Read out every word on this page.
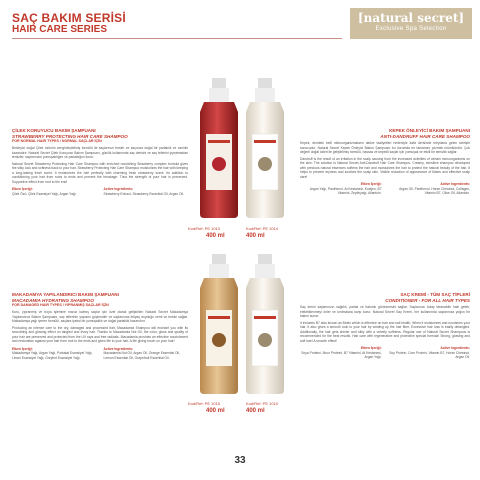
SAÇ BAKIM SERİSİ
HAIR CARE SERIES
[natural secret]
Exclusive Spa Selection
ÇİLEK KORUYUCU BAKIM ŞAMPUANI
STRAWBERRY PROTECTING HAIR CARE SHAMPOO
FOR NORMAL HAIR TYPES / NORMAL SAÇLAR İÇİN
Besleyici doğal Çilek özünün zenginleştirilmiş formülü ile saçlarınızı besler ve saçınıza doğal bir parlaklık ve canlılık kazandırır. Natural Secret Çilek Koruyucu Bakım Şampuanı, günlük kullanımda saç derisini ve saç tellerini yıpratmadan temizler, saçlarınızın yumuşaklığını ve parlaklığını korur.
Natural Secret Strawberry Protecting Hair Care Shampoo with enriched nourishing Strawberry complex formula gives the silky look and softness back to your hair. Strawberry Protecting Hair Care Shampoo moisturizes the hair with keeping a long-lasting fresh scent. It moisturizes the hair perfectly with charming fresh strawberry scent. Its addition to conditioning your hair from roots to ends and prevent the breakage. Thus the strength of your hair is preserved. Supportive effect from root to the end!
Etken İçeriği:
Çilek Özü, Çilek Esansiyel Yağı, Argan Yağı
Active Ingredients:
Strawberry Extract, Strawberry Essential Oil, Argan Oil.
KEPEK ÖNLEYİCİ BAKIM ŞAMPUANI
ANTI-DANDRUFF HAIR CARE SHAMPOO
Kepek, derideki belli mikroorganizmaların aktive faaliyetleri nedeniyle kafa derisinde meydana gelen tahriştir sonucudur. Natural Secret Kepek Önleyici Bakım Şampuanı bu durumda en tamamını çözmek mümkündür. Çok değerli doğal özleri ile geliştirilmiş formülü, hassas ve kepekli saçlar için yumuşak ve etkili bir temizlik sağlar.
Dandruff is the result of an irritation in the scalp causing from the increased activities of certain microorganisms on the skin. The solution is Natural Secret Anti-Dandruff Hair Care Shampoo. Creamy, sensitive shampoo developed with precious natural essences softens the hair and moisturizes the hair to protect the natural beauty of the hair. It helps to prevent dryness and soothes the scalp skin. Visible reduction of appearance of flakes and effective scalp care!
Etken İçeriği:
Argan Yağı, Panthenol, At Kestanesi, Kolajen, B7 Vitamini, Zeytinyağı, Allantoin.
Active Ingredients:
Argan Oil, Panthenol, Horse Chestnut, Collagen, Vitamin B7, Olive Oil, Allantoin.
MAKADAMYA YAPILANDIRICI BAKIM ŞAMPUANI
MACADAMIA HYDRATING SHAMPOO
FOR DAMAGED HAIR TYPES / YIPRANMIŞ SAÇLAR İÇİN
Kuru, yıpranmış ve boya işlemine maruz kalmış saçlar için özel olarak geliştirilen Natural Secret Makadamya Yapılandırıcı Bakım Şampuanı, saç tellerinin yapısını güçlendirir ve saçlarınıza ihtiyaç duyduğu nemi ve besini sağlar. Makadamya yağı içeren formülü, saçlara ipeksi bir yumuşaklık ve doğal parlaklık kazandırır.
Producing an intense care to the dry, damaged and processed hair, Macadamia Shampoo will enchant you with its smoothing and glowing effect on tangled and frizzy hair. Thanks to Macadamia Nut Oil, the color, gloss and quality of your hair are preserved and protected from the UV rays and free radicals. Macadamia provides an effective nourishment and restoration against your hair from root to the ends and gives life to your hair. A life giving touch on your hair!
Etken İçeriği:
Makadamya Yağı, Argan Yağı, Portakal Esansiyel Yağı, Limon Esansiyel Yağı, Greyfurt Esansiyel Yağı.
Active Ingredients:
Macadamia Nut Oil, Argan Oil, Orange Essential Oil, Lemon Essential Oil, Grapefruit Essential Oil.
SAÇ KREMİ - TÜM SAÇ TİPLERİ
CONDITIONER - FOR ALL HAIR TYPES
Saç kremi saçlarınızın sağlıklı, parlak ve bakımlı görünmesini sağlar. Saçlarınızı kolay taranabilir hale getirir, elektriklenmeyi önler ve kırılmalara karşı korur. Natural Secret Saç Kremi, her kullanımda saçlarınıza yoğun bir bakım sunar.
It includes B7 also known as Biotin which is effective on hair and nail health. When it moisturizes and nourishes your hair, it also gives a smooth look to your hair by winding up the hair fiber. Excessive hair loss is easily detangled. Additionally, the hair gets shinier and silky with a velvety softness. Regular use of Natural Secret Shampoos is recommended for the best results. Hair care with regenerative and protective special formula! Strong, glowing and soft hair! A smooth effect!
Etken İçeriği:
Soya Proteini, Mısır Proteini, B7 Vitamini, At Kestanesi, Argan Yağı.
Active Ingredients:
Soy Protein, Corn Protein, Vitamin B7, Horse Chestnut, Argan Oil.
Kod/Ref: PE 1013
400 ml
Kod/Ref: PE 1014
400 ml
Kod/Ref: PE 1015
400 ml
Kod/Ref: PE 1010
400 ml
33
